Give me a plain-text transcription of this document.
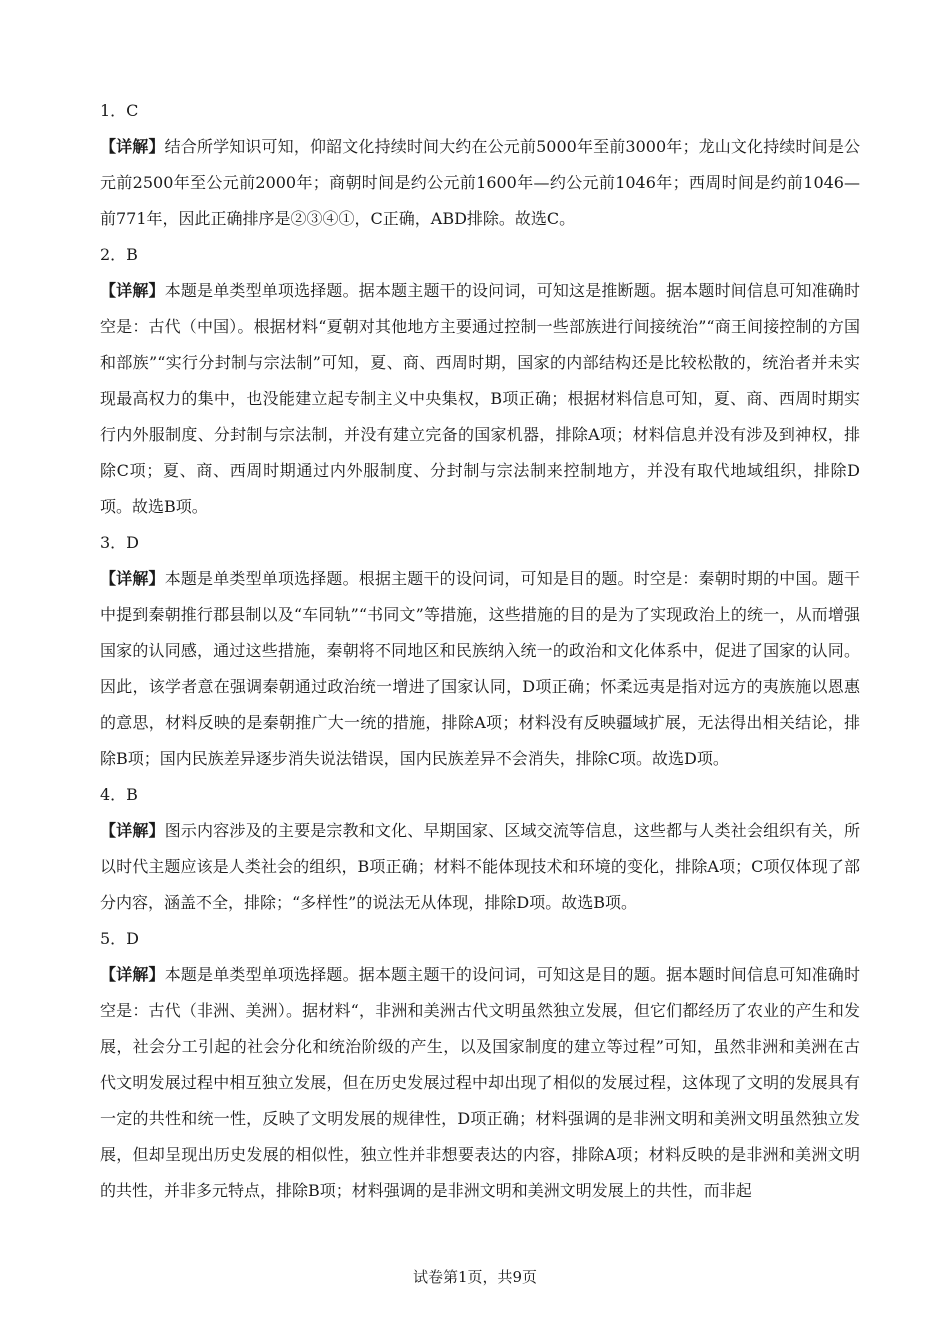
1．C
【详解】结合所学知识可知，仰韶文化持续时间大约在公元前5000年至前3000年；龙山文化持续时间是公元前2500年至公元前2000年；商朝时间是约公元前1600年—约公元前1046年；西周时间是约前1046—前771年，因此正确排序是②③④①，C正确，ABD排除。故选C。
2．B
【详解】本题是单类型单项选择题。据本题主题干的设问词，可知这是推断题。据本题时间信息可知准确时空是：古代（中国）。根据材料“夏朝对其他地方主要通过控制一些部族进行间接统治”“商王间接控制的方国和部族”“实行分封制与宗法制”可知，夏、商、西周时期，国家的内部结构还是比较松散的，统治者并未实现最高权力的集中，也没能建立起专制主义中央集权，B项正确；根据材料信息可知，夏、商、西周时期实行内外服制度、分封制与宗法制，并没有建立完备的国家机器，排除A项；材料信息并没有涉及到神权，排除C项；夏、商、西周时期通过内外服制度、分封制与宗法制来控制地方，并没有取代地域组织，排除D项。故选B项。
3．D
【详解】本题是单类型单项选择题。根据主题干的设问词，可知是目的题。时空是：秦朝时期的中国。题干中提到秦朝推行郡县制以及“车同轨”“书同文”等措施，这些措施的目的是为了实现政治上的统一，从而增强国家的认同感，通过这些措施，秦朝将不同地区和民族纳入统一的政治和文化体系中，促进了国家的认同。因此，该学者意在强调秦朝通过政治统一增进了国家认同，D项正确；怀柔远夷是指对远方的夷族施以恩惠的意思，材料反映的是秦朝推广大一统的措施，排除A项；材料没有反映疆域扩展，无法得出相关结论，排除B项；国内民族差异逐步消失说法错误，国内民族差异不会消失，排除C项。故选D项。
4．B
【详解】图示内容涉及的主要是宗教和文化、早期国家、区域交流等信息，这些都与人类社会组织有关，所以时代主题应该是人类社会的组织，B项正确；材料不能体现技术和环境的变化，排除A项；C项仅体现了部分内容，涵盖不全，排除；“多样性”的说法无从体现，排除D项。故选B项。
5．D
【详解】本题是单类型单项选择题。据本题主题干的设问词，可知这是目的题。据本题时间信息可知准确时空是：古代（非洲、美洲）。据材料“，非洲和美洲古代文明虽然独立发展，但它们都经历了农业的产生和发展，社会分工引起的社会分化和统治阶级的产生，以及国家制度的建立等过程”可知，虽然非洲和美洲在古代文明发展过程中相互独立发展，但在历史发展过程中却出现了相似的发展过程，这体现了文明的发展具有一定的共性和统一性，反映了文明发展的规律性，D项正确；材料强调的是非洲文明和美洲文明虽然独立发展，但却呈现出历史发展的相似性，独立性并非想要表达的内容，排除A项；材料反映的是非洲和美洲文明的共性，并非多元特点，排除B项；材料强调的是非洲文明和美洲文明发展上的共性，而非起
试卷第1页，共9页
